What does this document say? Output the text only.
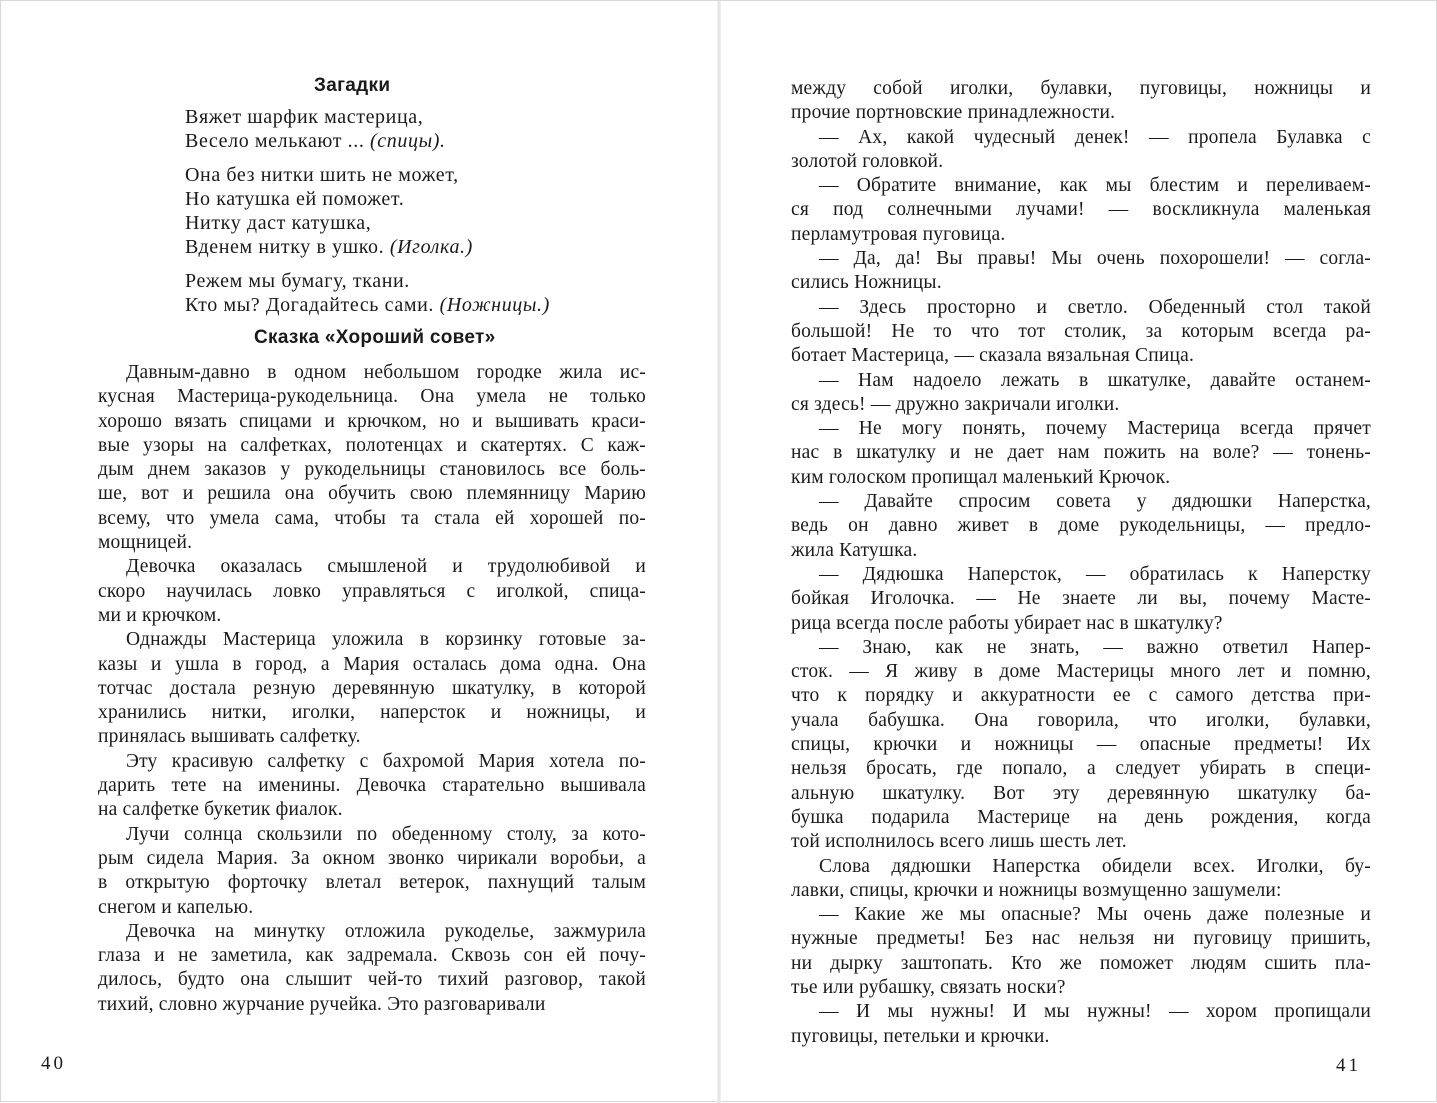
Загадки
Вяжет шарфик мастерица,
Весело мелькают ... (спицы).
Она без нитки шить не может,
Но катушка ей поможет.
Нитку даст катушка,
Вденем нитку в ушко. (Иголка.)
Режем мы бумагу, ткани.
Кто мы? Догадайтесь сами. (Ножницы.)
Сказка «Хороший совет»
Давным-давно в одном небольшом городке жила ис-
кусная Мастерица-рукодельница. Она умела не только
хорошо вязать спицами и крючком, но и вышивать краси-
вые узоры на салфетках, полотенцах и скатертях. С каж-
дым днем заказов у рукодельницы становилось все боль-
ше, вот и решила она обучить свою племянницу Марию
всему, что умела сама, чтобы та стала ей хорошей по-
мощницей.
Девочка оказалась смышленой и трудолюбивой и
скоро научилась ловко управляться с иголкой, спица-
ми и крючком.
Однажды Мастерица уложила в корзинку готовые за-
казы и ушла в город, а Мария осталась дома одна. Она
тотчас достала резную деревянную шкатулку, в которой
хранились нитки, иголки, наперсток и ножницы, и
принялась вышивать салфетку.
Эту красивую салфетку с бахромой Мария хотела по-
дарить тете на именины. Девочка старательно вышивала
на салфетке букетик фиалок.
Лучи солнца скользили по обеденному столу, за кото-
рым сидела Мария. За окном звонко чирикали воробьи, а
в открытую форточку влетал ветерок, пахнущий талым
снегом и капелью.
Девочка на минутку отложила рукоделье, зажмурила
глаза и не заметила, как задремала. Сквозь сон ей почу-
дилось, будто она слышит чей-то тихий разговор, такой
тихий, словно журчание ручейка. Это разговаривали
40
между собой иголки, булавки, пуговицы, ножницы и
прочие портновские принадлежности.
— Ах, какой чудесный денек! — пропела Булавка с
золотой головкой.
— Обратите внимание, как мы блестим и переливаем-
ся под солнечными лучами! — воскликнула маленькая
перламутровая пуговица.
— Да, да! Вы правы! Мы очень похорошели! — согла-
сились Ножницы.
— Здесь просторно и светло. Обеденный стол такой
большой! Не то что тот столик, за которым всегда ра-
ботает Мастерица, — сказала вязальная Спица.
— Нам надоело лежать в шкатулке, давайте останем-
ся здесь! — дружно закричали иголки.
— Не могу понять, почему Мастерица всегда прячет
нас в шкатулку и не дает нам пожить на воле? — тонень-
ким голоском пропищал маленький Крючок.
— Давайте спросим совета у дядюшки Наперстка,
ведь он давно живет в доме рукодельницы, — предло-
жила Катушка.
— Дядюшка Наперсток, — обратилась к Наперстку
бойкая Иголочка. — Не знаете ли вы, почему Масте-
рица всегда после работы убирает нас в шкатулку?
— Знаю, как не знать, — важно ответил Напер-
сток. — Я живу в доме Мастерицы много лет и помню,
что к порядку и аккуратности ее с самого детства при-
учала бабушка. Она говорила, что иголки, булавки,
спицы, крючки и ножницы — опасные предметы! Их
нельзя бросать, где попало, а следует убирать в специ-
альную шкатулку. Вот эту деревянную шкатулку ба-
бушка подарила Мастерице на день рождения, когда
той исполнилось всего лишь шесть лет.
Слова дядюшки Наперстка обидели всех. Иголки, бу-
лавки, спицы, крючки и ножницы возмущенно зашумели:
— Какие же мы опасные? Мы очень даже полезные и
нужные предметы! Без нас нельзя ни пуговицу пришить,
ни дырку заштопать. Кто же поможет людям сшить пла-
тье или рубашку, связать носки?
— И мы нужны! И мы нужны! — хором пропищали
пуговицы, петельки и крючки.
41
